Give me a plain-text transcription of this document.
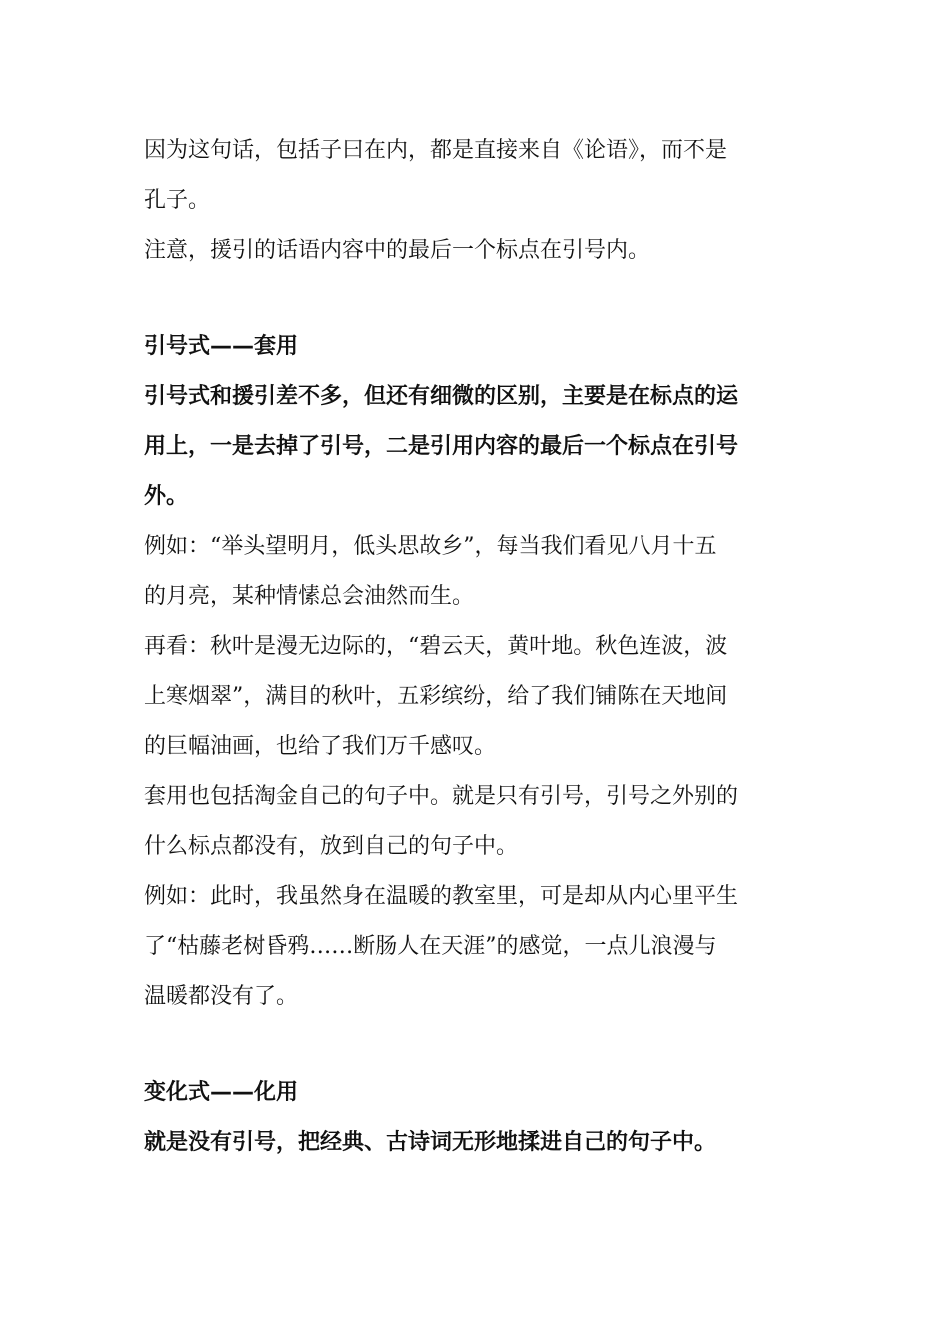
因为这句话，包括子曰在内，都是直接来自《论语》，而不是
孔子。

注意，援引的话语内容中的最后一个标点在引号内。

引号式——套用

引号式和援引差不多，但还有细微的区别，主要是在标点的运
用上，一是去掉了引号，二是引用内容的最后一个标点在引号
外。

例如：“举头望明月，低头思故乡”，每当我们看见八月十五
的月亮，某种情愫总会油然而生。

再看：秋叶是漫无边际的，“碧云天，黄叶地。秋色连波，波
上寒烟翠”，满目的秋叶，五彩缤纷，给了我们铺陈在天地间
的巨幅油画，也给了我们万千感叹。

套用也包括淘金自己的句子中。就是只有引号，引号之外别的
什么标点都没有，放到自己的句子中。

例如：此时，我虽然身在温暖的教室里，可是却从内心里平生
了“枯藤老树昏鸦……断肠人在天涯”的感觉，一点儿浪漫与
温暖都没有了。

变化式——化用

就是没有引号，把经典、古诗词无形地揉进自己的句子中。
